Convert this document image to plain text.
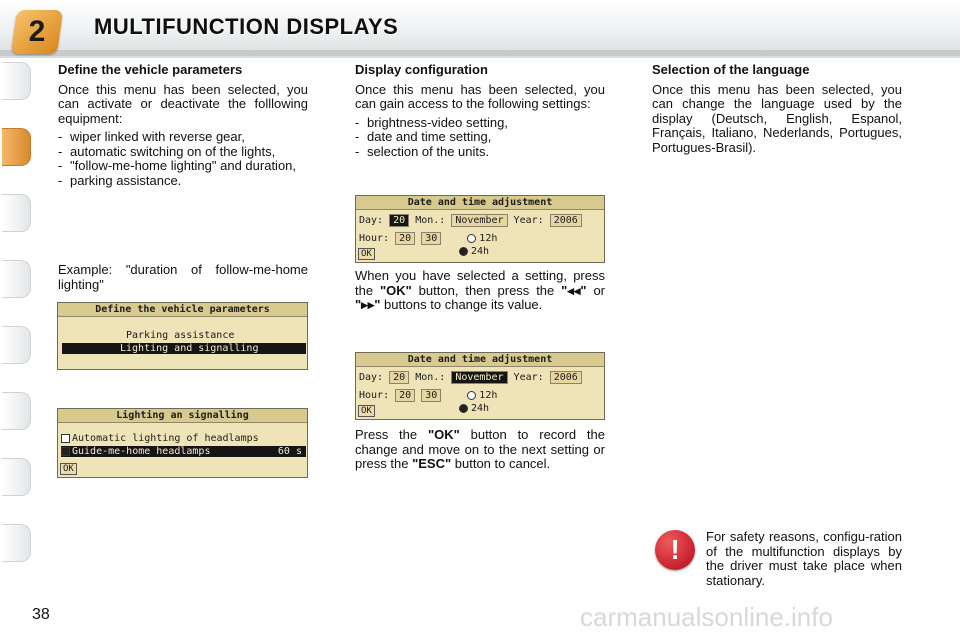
2	MULTIFUNCTION DISPLAYS
Define the vehicle parameters

Once this menu has been selected, you can activate or deactivate the folllowing equipment:

- wiper linked with reverse gear,
- automatic switching on of the lights,
- "follow-me-home lighting" and duration,
- parking assistance.

Example: "duration of follow-me-home lighting"

Define the vehicle parameters
Parking assistance
Lighting and signalling
Lighting an signalling
Automatic lighting of headlamps
Guide-me-home headlamps	60 s
OK
Display configuration

Once this menu has been selected, you can gain access to the following settings:

- brightness-video setting,
- date and time setting,
- selection of the units.
Date and time adjustment
Day: 20 Mon.: November Year: 2006
Hour: 20 30	12h
24h
OK

When you have selected a setting, press the "OK" button, then press the "◂◂" or "▸▸" buttons to change its value.

Date and time adjustment
Day: 20 Mon.: November Year: 2006
Hour: 20 30	12h
24h
OK

Press the "OK" button to record the change and move on to the next setting or press the "ESC" button to cancel.

Selection of the language

Once this menu has been selected, you can change the language used by the display (Deutsch, English, Espanol, Français, Italiano, Nederlands, Portugues, Portugues-Brasil).

!	For safety reasons, configu-ration of the multifunction displays by the driver must take place when stationary.

38	carmanualsonline.info
